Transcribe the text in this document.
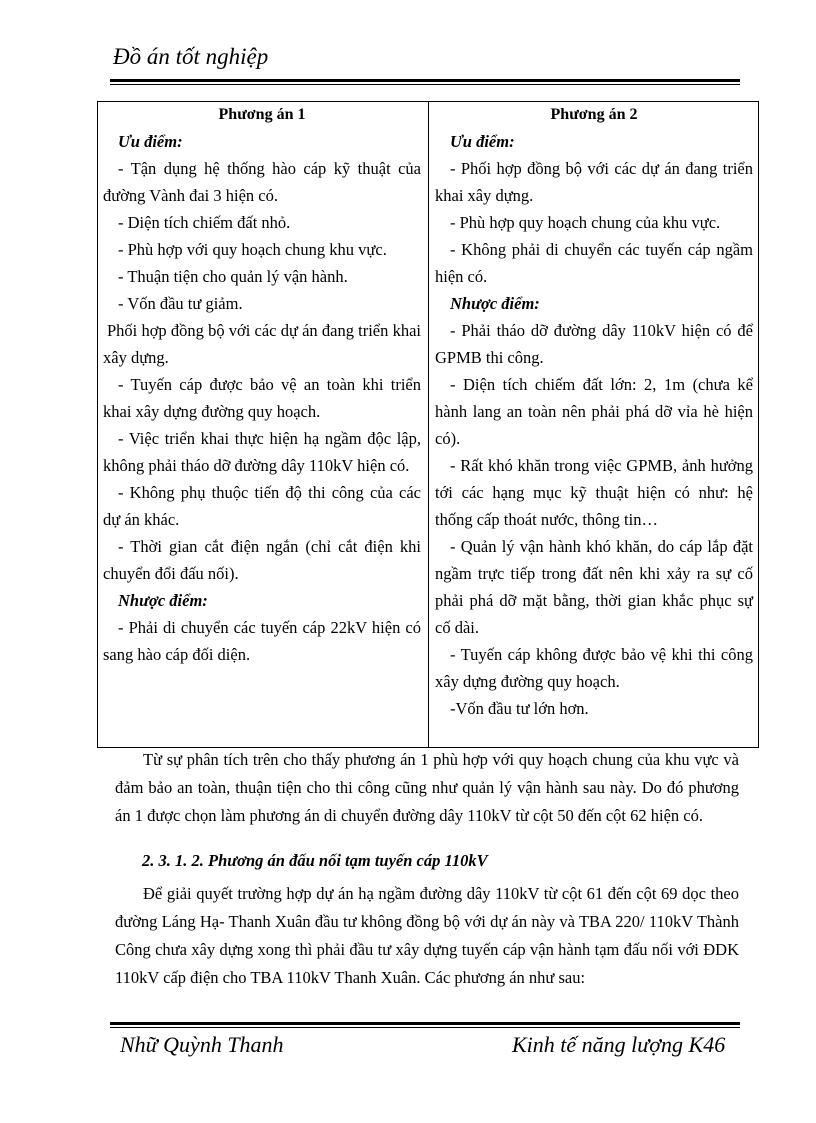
Đồ án tốt nghiệp
Phương án 1
Ưu điểm:

- Tận dụng hệ thống hào cáp kỹ thuật của đường Vành đai 3 hiện có.

- Diện tích chiếm đất nhỏ.

- Phù hợp với quy hoạch chung khu vực.

- Thuận tiện cho quản lý vận hành.

- Vốn đầu tư giảm.

Phối hợp đồng bộ với các dự án đang triển khai xây dựng.

- Tuyến cáp được bảo vệ an toàn khi triển khai xây dựng đường quy hoạch.

- Việc triển khai thực hiện hạ ngầm độc lập, không phải tháo dỡ đường dây 110kV hiện có.

- Không phụ thuộc tiến độ thi công của các dự án khác.

- Thời gian cắt điện ngắn (chỉ cắt điện khi chuyển đổi đấu nối).

Nhược điểm:

- Phải di chuyển các tuyến cáp 22kV hiện có sang hào cáp đối diện.

Phương án 2
Ưu điểm:

- Phối hợp đồng bộ với các dự án đang triển khai xây dựng.

- Phù hợp quy hoạch chung của khu vực.

- Không phải di chuyển các tuyến cáp ngầm hiện có.

Nhược điểm:

- Phải tháo dỡ đường dây 110kV hiện có để GPMB thi công.

- Diện tích chiếm đất lớn: 2, 1m (chưa kể hành lang an toàn nên phải phá dỡ vỉa hè hiện có).

- Rất khó khăn trong việc GPMB, ảnh hưởng tới các hạng mục kỹ thuật hiện có như: hệ thống cấp thoát nước, thông tin…

- Quản lý vận hành khó khăn, do cáp lắp đặt ngầm trực tiếp trong đất nên khi xảy ra sự cố phải phá dỡ mặt bằng, thời gian khắc phục sự cố dài.

- Tuyến cáp không được bảo vệ khi thi công xây dựng đường quy hoạch.

-Vốn đầu tư lớn hơn.

Từ sự phân tích trên cho thấy phương án 1 phù hợp với quy hoạch chung của khu vực và đảm bảo an toàn, thuận tiện cho thi công cũng như quản lý vận hành sau này. Do đó phương án 1 được chọn làm phương án di chuyển đường dây 110kV từ cột 50 đến cột 62 hiện có.

2. 3. 1. 2. Phương án đấu nối tạm tuyến cáp 110kV

Để giải quyết trường hợp dự án hạ ngầm đường dây 110kV từ cột 61 đến cột 69 dọc theo đường Láng Hạ- Thanh Xuân đầu tư không đồng bộ với dự án này và TBA 220/ 110kV Thành Công chưa xây dựng xong thì phải đầu tư xây dựng tuyến cáp vận hành tạm đấu nối với ĐDK 110kV cấp điện cho TBA 110kV Thanh Xuân. Các phương án như sau:

Nhữ Quỳnh Thanh	Kinh tế năng lượng K46
